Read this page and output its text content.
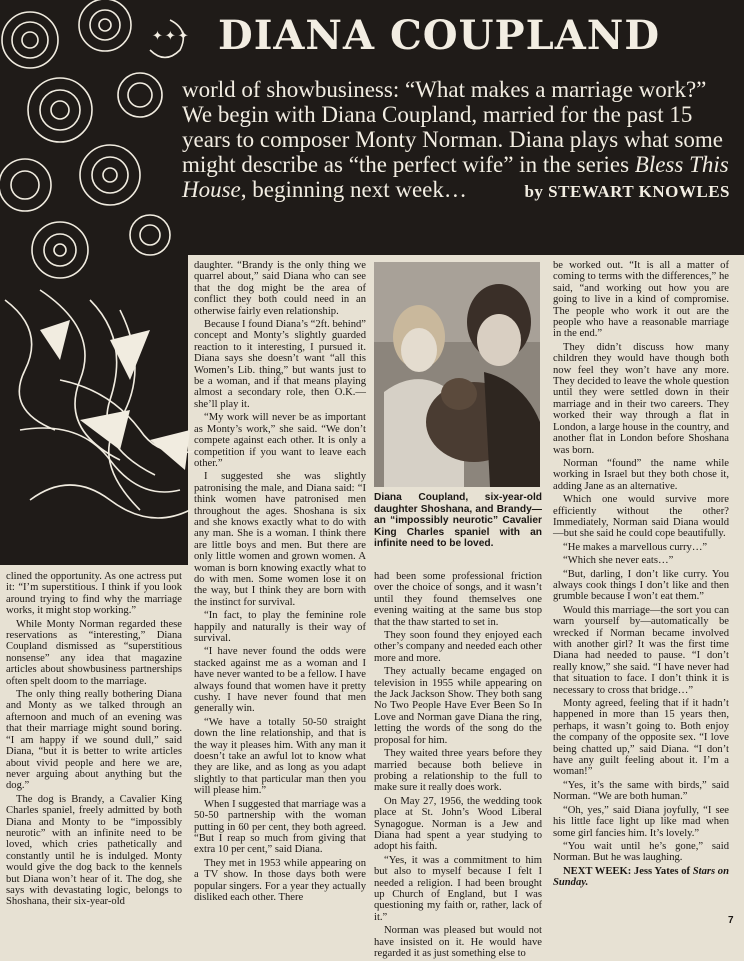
✦✦✦ DIANA COUPLAND
world of showbusiness: “What makes a marriage work?” We begin with Diana Coupland, married for the past 15 years to composer Monty Norman. Diana plays what some might describe as “the perfect wife” in the series Bless This House, beginning next week…	by STEWART KNOWLES

clined the opportunity. As one actress put it: “I’m superstitious. I think if you look around trying to find why the marriage works, it might stop working.”

While Monty Norman regarded these reservations as “interesting,” Diana Coupland dismissed as “superstitious nonsense” any idea that magazine articles about showbusiness partnerships often spelt doom to the marriage.

The only thing really bothering Diana and Monty as we talked through an afternoon and much of an evening was that their marriage might sound boring. “I am happy if we sound dull,” said Diana, “but it is better to write articles about vivid people and here we are, never arguing about anything but the dog.”

The dog is Brandy, a Cavalier King Charles spaniel, freely admitted by both Diana and Monty to be “impossibly neurotic” with an infinite need to be loved, which cries pathetically and constantly until he is indulged. Monty would give the dog back to the kennels but Diana won’t hear of it. The dog, she says with devastating logic, belongs to Shoshana, their six-year-old

daughter. “Brandy is the only thing we quarrel about,” said Diana who can see that the dog might be the area of conflict they both could need in an otherwise fairly even relationship.

Because I found Diana’s “2ft. behind” concept and Monty’s slightly guarded reaction to it interesting, I pursued it. Diana says she doesn’t want “all this Women’s Lib. thing,” but wants just to be a woman, and if that means playing almost a secondary role, then O.K.—she’ll play it.

“My work will never be as important as Monty’s work,” she said. “We don’t compete against each other. It is only a competition if you want to leave each other.”

I suggested she was slightly patronising the male, and Diana said: “I think women have patronised men throughout the ages. Shoshana is six and she knows exactly what to do with any man. She is a woman. I think there are little boys and men. But there are only little women and grown women. A woman is born knowing exactly what to do with men. Some women lose it on the way, but I think they are born with the instinct for survival.

“In fact, to play the feminine role happily and naturally is their way of survival.

“I have never found the odds were stacked against me as a woman and I have never wanted to be a fellow. I have always found that women have it pretty cushy. I have never found that men generally win.

“We have a totally 50-50 straight down the line relationship, and that is the way it pleases him. With any man it doesn’t take an awful lot to know what they are like, and as long as you adapt slightly to that particular man then you will please him.”

When I suggested that marriage was a 50-50 partnership with the woman putting in 60 per cent, they both agreed. “But I reap so much from giving that extra 10 per cent,” said Diana.

They met in 1953 while appearing on a TV show. In those days both were popular singers. For a year they actually disliked each other. There

Diana Coupland, six-year-old daughter Shoshana, and Brandy—an “impossibly neurotic” Cavalier King Charles spaniel with an infinite need to be loved.

had been some professional friction over the choice of songs, and it wasn’t until they found themselves one evening waiting at the same bus stop that the thaw started to set in.

They soon found they enjoyed each other’s company and needed each other more and more.

They actually became engaged on television in 1955 while appearing on the Jack Jackson Show. They both sang No Two People Have Ever Been So In Love and Norman gave Diana the ring, letting the words of the song do the proposal for him.

They waited three years before they married because both believe in probing a relationship to the full to make sure it really does work.

On May 27, 1956, the wedding took place at St. John’s Wood Liberal Synagogue. Norman is a Jew and Diana had spent a year studying to adopt his faith.

“Yes, it was a commitment to him but also to myself because I felt I needed a religion. I had been brought up Church of England, but I was questioning my faith or, rather, lack of it.”

Norman was pleased but would not have insisted on it. He would have regarded it as just something else to

be worked out. “It is all a matter of coming to terms with the differences,” he said, “and working out how you are going to live in a kind of compromise. The people who work it out are the people who have a reasonable marriage in the end.”

They didn’t discuss how many children they would have though both now feel they won’t have any more. They decided to leave the whole question until they were settled down in their marriage and in their two careers. They worked their way through a flat in London, a large house in the country, and another flat in London before Shoshana was born.

Norman “found” the name while working in Israel but they both chose it, adding Jane as an alternative.

Which one would survive more efficiently without the other? Immediately, Norman said Diana would—but she said he could cope beautifully.

“He makes a marvellous curry…”

“Which she never eats…”

“But, darling, I don’t like curry. You always cook things I don’t like and then grumble because I won’t eat them.”

Would this marriage—the sort you can warn yourself by—automatically be wrecked if Norman became involved with another girl? It was the first time Diana had needed to pause. “I don’t really know,” she said. “I have never had that situation to face. I don’t think it is necessary to cross that bridge…”

Monty agreed, feeling that if it hadn’t happened in more than 15 years then, perhaps, it wasn’t going to. Both enjoy the company of the opposite sex. “I love being chatted up,” said Diana. “I don’t have any guilt feeling about it. I’m a woman!”

“Yes, it’s the same with birds,” said Norman. “We are both human.”

“Oh, yes,” said Diana joyfully, “I see his little face light up like mad when some girl fancies him. It’s lovely.”

“You wait until he’s gone,” said Norman. But he was laughing.

NEXT WEEK: Jess Yates of Stars on Sunday.

7
